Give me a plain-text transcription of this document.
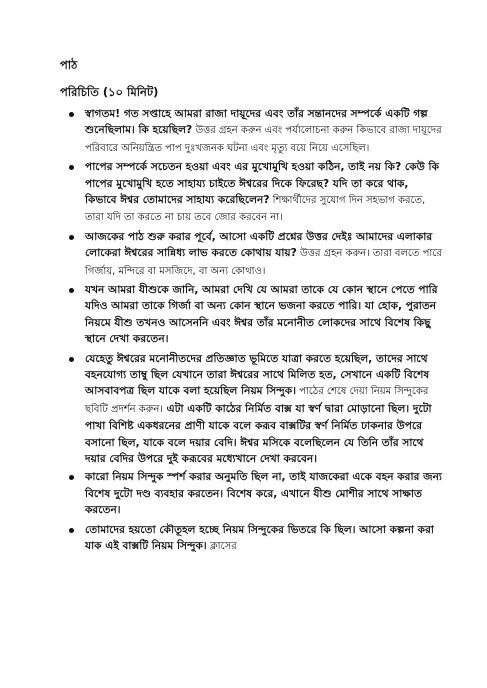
পাঠ
পরিচিতি (১০ মিনিট)
স্বাগতম! গত সপ্তাহে আমরা রাজা দায়ূদের এবং তাঁর সন্তানদের সম্পর্কে একটি গল্প শুনেছিলাম। কি হয়েছিল? উত্তর গ্রহন করুন এবং পর্যালোচনা করুন কিভাবে রাজা দায়ূদের পরিবারে অনিয়ন্ত্রিত পাপ দুঃখজনক ঘটনা এবং মৃত্যু বয়ে নিয়ে এসেছিল।
পাপের সম্পর্কে সচেতন হওয়া এবং এর মুখোমুখি হওয়া কঠিন, তাই নয় কি? কেউ কি পাপের মুখোমুখি হতে সাহায্য চাইতে ঈশ্বরের দিকে ফিরেছ? যদি তা করে থাক, কিভাবে ঈশ্বর তোমাদের সাহায্য করেছিলেন? শিক্ষার্থীদের সুযোগ দিন সহভাগ করতে, তারা যদি তা করতে না চায় তবে জোর করবেন না।
আজকের পাঠ শুরু করার পূর্বে, আসো একটি প্রশ্নের উত্তর দেইঃ আমাদের এলাকার লোকেরা ঈশ্বরের সান্নিধ্য লাভ করতে কোথায় যায়? উত্তর গ্রহন করুন। তারা বলতে পারে গির্জায়, মন্দিরে বা মসজিদে, বা অন্য কোথাও।
যখন আমরা যীশুকে জানি, আমরা দেখি যে আমরা তাকে যে কোন স্থানে পেতে পারি যদিও আমরা তাকে গির্জা বা অন্য কোন স্থানে ভজনা করতে পারি। যা হোক, পুরাতন নিয়মে যীশু তখনও আসেননি এবং ঈশ্বর তাঁর মনোনীত লোকদের সাথে বিশেষ কিছু স্থানে দেখা করতেন।
যেহেতু ঈশ্বরের মনোনীতদের প্রতিজ্ঞাত ভূমিতে যাত্রা করতে হয়েছিল, তাদের সাথে বহনযোগ্য তাম্বু ছিল যেখানে তারা ঈশ্বরের সাথে মিলিত হত, সেখানে একটি বিশেষ আসবাবপত্র ছিল যাকে বলা হয়েছিল নিয়ম সিন্দুক। পাঠের শেষে দেয়া নিয়ম সিন্দুকের ছবিটি প্রদর্শন করুন। এটা একটি কাঠের নির্মিত বাক্স যা স্বর্ণ দ্বারা মোড়ানো ছিল। দুটো পাখা বিশিষ্ট একধরনের প্রাণী যাকে বলে করূব বাক্সটির স্বর্ণ নির্মিত ঢাকনার উপরে বসানো ছিল, যাকে বলে দয়ার বেদি। ঈশ্বর মসিকে বলেছিলেন যে তিনি তাঁর সাথে দয়ার বেদির উপরে দুই করূবের মধ্যেখানে দেখা করবেন।
কারো নিয়ম সিন্দুক স্পর্শ করার অনুমতি ছিল না, তাই যাজকেরা একে বহন করার জন্য বিশেষ দুটো দণ্ড ব্যবহার করতেন। বিশেষ করে, এখানে যীশু মোশীর সাথে সাক্ষাত করতেন।
তোমাদের হয়তো কৌতূহল হচ্ছে নিয়ম সিন্দুকের ভিতরে কি ছিল। আসো কল্পনা করা যাক এই বাক্সটি নিয়ম সিন্দুক। ক্লাসের
